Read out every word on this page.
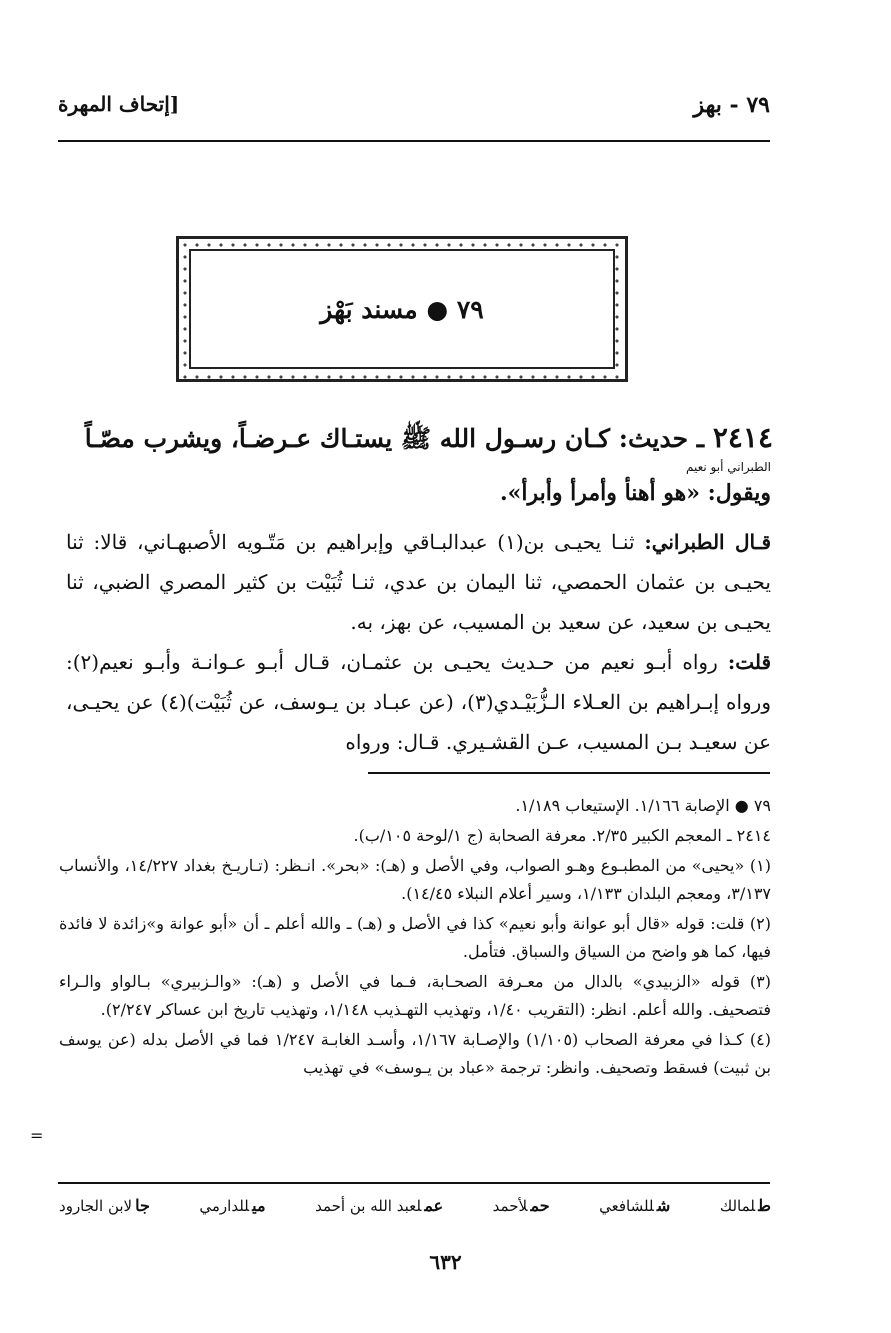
٧٩ - بهز
[إتحاف المهرة
٧٩ ● مسند بَهْز
٢٤١٤ ـ حديث: كـان رسـول الله ﷺ يستـاك عـرضـاً، ويشرب مصّـاً
الطبراني أبو نعيم
ويقول: «هو أهنأ وأمرأ وأبرأ».
قـال الطبراني: ثنـا يحيـى بن(١) عبدالبـاقي وإبراهيم بن مَتّـويه الأصبهـاني، قالا: ثنا يحيـى بن عثمان الحمصي، ثنا اليمان بن عدي، ثنـا ثُبَيْت بن كثير المصري الضبي، ثنا يحيـى بن سعيد، عن سعيد بن المسيب، عن بهز، به.
قلت: رواه أبـو نعيم من حـديث يحيـى بن عثمـان، قـال أبـو عـوانـة وأبـو نعيم(٢): ورواه إبـراهيم بن العـلاء الـزُّبَيْـدي(٣)، (عن عبـاد بن يـوسف، عن ثُبَيْت)(٤) عن يحيـى، عن سعيـد بـن المسيب، عـن القشـيري. قـال: ورواه

٧٩ ● الإصابة ١/١٦٦. الإستيعاب ١/١٨٩.

٢٤١٤ ـ المعجم الكبير ٢/٣٥. معرفة الصحابة (ج ١/لوحة ١٠٥/ب).

(١) «يحيى» من المطبـوع وهـو الصواب، وفي الأصل و (هـ): «بحر». انـظر: (تـاريـخ بغداد ١٤/٢٢٧، والأنساب ٣/١٣٧، ومعجم البلدان ١/١٣٣، وسير أعلام النبلاء ١٤/٤٥).

(٢) قلت: قوله «قال أبو عوانة وأبو نعيم» كذا في الأصل و (هـ) ـ والله أعلم ـ أن «أبو عوانة و»زائدة لا فائدة فيها، كما هو واضح من السياق والسباق. فتأمل.

(٣) قوله «الزبيدي» بالدال من معـرفة الصحـابة، فـما في الأصل و (هـ): «والـزبيري» بـالواو والـراء فتصحيف. والله أعلم. انظر: (التقريب ١/٤٠، وتهذيب التهـذيب ١/١٤٨، وتهذيب تاريخ ابن عساكر ٢/٢٤٧).

(٤) كـذا في معرفة الصحاب (١/١٠٥) والإصـابة ١/١٦٧، وأسـد الغابـة ١/٢٤٧ فما في الأصل بدله (عن يوسف بن ثبيت) فسقط وتصحيف. وانظر: ترجمة «عباد بن يـوسف» في تهذيب

=
طلمالك
شللشافعي
حملأحمد
عملعبد الله بن أحمد
ميللدارمي
جالابن الجارود
٦٣٢
